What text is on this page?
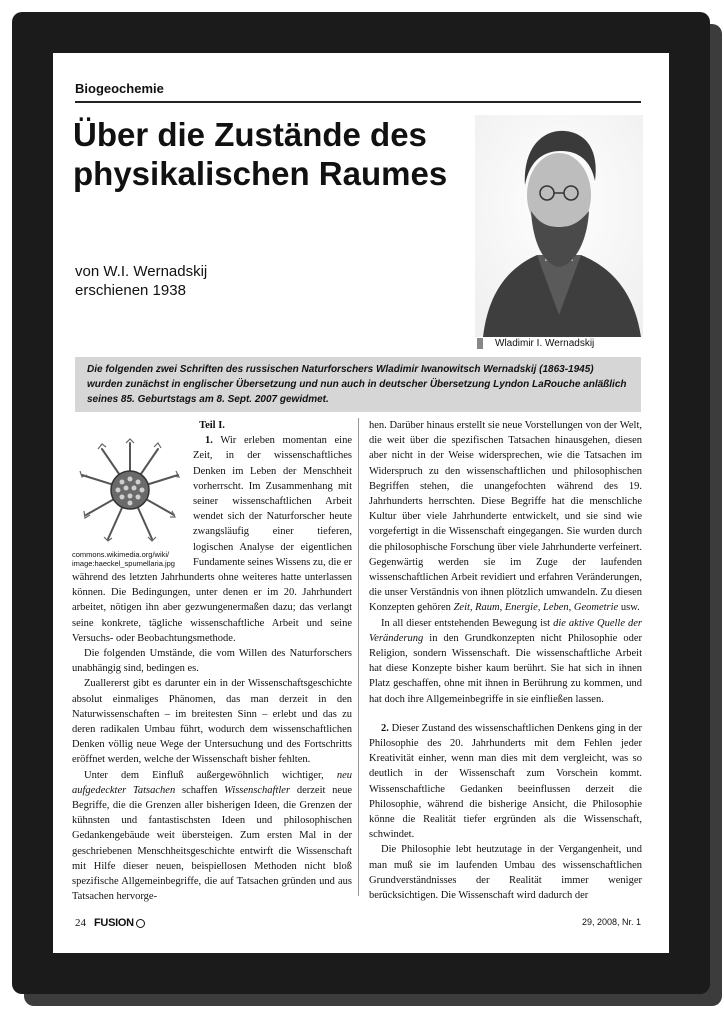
Biogeochemie
Über die Zustände des physikalischen Raumes
von W.I. Wernadskij
erschienen 1938
Wladimir I. Wernadskij
Die folgenden zwei Schriften des russischen Naturforschers Wladimir Iwanowitsch Wernadskij (1863-1945) wurden zunächst in englischer Übersetzung und nun auch in deutscher Übersetzung Lyndon LaRouche anläßlich seines 85. Geburtstags am 8. Sept. 2007 gewidmet.

Teil I.

commons.wikimedia.org/wiki/
image:haeckel_spumellaria.jpg

1. Wir erleben momentan eine Zeit, in der wissenschaftliches Denken im Leben der Menschheit vorherrscht. Im Zusammenhang mit seiner wissenschaftlichen Arbeit wendet sich der Naturforscher heute zwangsläufig einer tieferen, logischen Analyse der eigentlichen Fundamente seines Wissens zu, die er während des letzten Jahrhunderts ohne weiteres hatte unterlassen können. Die Bedingungen, unter denen er im 20. Jahrhundert arbeitet, nötigen ihn aber gezwungenermaßen dazu; das verlangt seine konkrete, tägliche wissenschaftliche Arbeit und seine Versuchs- oder Beobachtungsmethode.

Die folgenden Umstände, die vom Willen des Naturforschers unabhängig sind, bedingen es.

Zuallererst gibt es darunter ein in der Wissenschaftsgeschichte absolut einmaliges Phänomen, das man derzeit in den Naturwissenschaften – im breitesten Sinn – erlebt und das zu deren radikalen Umbau führt, wodurch dem wissenschaftlichen Denken völlig neue Wege der Untersuchung und des Fortschritts eröffnet werden, welche der Wissenschaft bisher fehlten.

Unter dem Einfluß außergewöhnlich wichtiger, neu aufgedeckter Tatsachen schaffen Wissenschaftler derzeit neue Begriffe, die die Grenzen aller bisherigen Ideen, die Grenzen der kühnsten und fantastischsten Ideen und philosophischen Gedankengebäude weit übersteigen. Zum ersten Mal in der geschriebenen Menschheitsgeschichte entwirft die Wissenschaft mit Hilfe dieser neuen, beispiellosen Methoden nicht bloß spezifische Allgemeinbegriffe, die auf Tatsachen gründen und aus Tatsachen hervorge-

hen. Darüber hinaus erstellt sie neue Vorstellungen von der Welt, die weit über die spezifischen Tatsachen hinausgehen, diesen aber nicht in der Weise widersprechen, wie die Tatsachen im Widerspruch zu den wissenschaftlichen und philosophischen Begriffen stehen, die unangefochten während des 19. Jahrhunderts herrschten. Diese Begriffe hat die menschliche Kultur über viele Jahrhunderte entwickelt, und sie sind wie vorgefertigt in die Wissenschaft eingegangen. Sie wurden durch die philosophische Forschung über viele Jahrhunderte verfeinert. Gegenwärtig werden sie im Zuge der laufenden wissenschaftlichen Arbeit revidiert und erfahren Veränderungen, die unser Verständnis von ihnen plötzlich umwandeln. Zu diesen Konzepten gehören Zeit, Raum, Energie, Leben, Geometrie usw.

In all dieser entstehenden Bewegung ist die aktive Quelle der Veränderung in den Grundkonzepten nicht Philosophie oder Religion, sondern Wissenschaft. Die wissenschaftliche Arbeit hat diese Konzepte bisher kaum berührt. Sie hat sich in ihnen Platz geschaffen, ohne mit ihnen in Berührung zu kommen, und hat doch ihre Allgemeinbegriffe in sie einfließen lassen.

2. Dieser Zustand des wissenschaftlichen Denkens ging in der Philosophie des 20. Jahrhunderts mit dem Fehlen jeder Kreativität einher, wenn man dies mit dem vergleicht, was so deutlich in der Wissenschaft zum Vorschein kommt. Wissenschaftliche Gedanken beeinflussen derzeit die Philosophie, während die bisherige Ansicht, die Philosophie könne die Realität tiefer ergründen als die Wissenschaft, schwindet.

Die Philosophie lebt heutzutage in der Vergangenheit, und man muß sie im laufenden Umbau des wissenschaftlichen Grundverständnisses der Realität immer weniger berücksichtigen. Die Wissenschaft wird dadurch der

24 FUSION	29, 2008, Nr. 1
